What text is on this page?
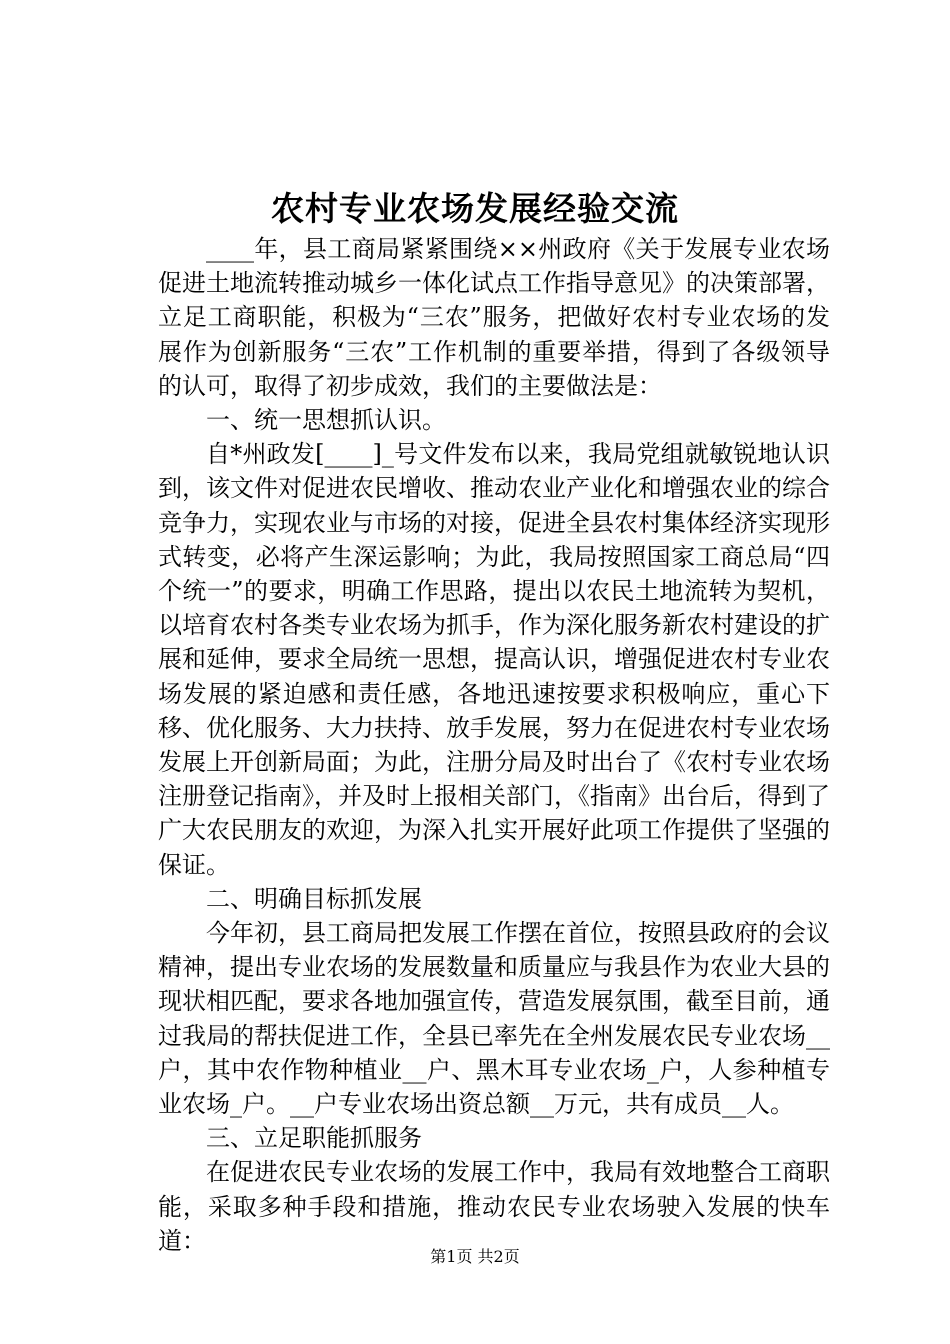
农村专业农场发展经验交流

____年，县工商局紧紧围绕××州政府《关于发展专业农场促进土地流转推动城乡一体化试点工作指导意见》的决策部署，立足工商职能，积极为“三农”服务，把做好农村专业农场的发展作为创新服务“三农”工作机制的重要举措，得到了各级领导的认可，取得了初步成效，我们的主要做法是：

一、统一思想抓认识。

自*州政发[____]_号文件发布以来，我局党组就敏锐地认识到，该文件对促进农民增收、推动农业产业化和增强农业的综合竞争力，实现农业与市场的对接，促进全县农村集体经济实现形式转变，必将产生深运影响；为此，我局按照国家工商总局“四个统一”的要求，明确工作思路，提出以农民土地流转为契机，以培育农村各类专业农场为抓手，作为深化服务新农村建设的扩展和延伸，要求全局统一思想，提高认识，增强促进农村专业农场发展的紧迫感和责任感，各地迅速按要求积极响应，重心下移、优化服务、大力扶持、放手发展，努力在促进农村专业农场发展上开创新局面；为此，注册分局及时出台了《农村专业农场注册登记指南》，并及时上报相关部门，《指南》出台后，得到了广大农民朋友的欢迎，为深入扎实开展好此项工作提供了坚强的保证。

二、明确目标抓发展

今年初，县工商局把发展工作摆在首位，按照县政府的会议精神，提出专业农场的发展数量和质量应与我县作为农业大县的现状相匹配，要求各地加强宣传，营造发展氛围，截至目前，通过我局的帮扶促进工作，全县已率先在全州发展农民专业农场__户，其中农作物种植业__户、黑木耳专业农场_户，人参种植专业农场_户。__户专业农场出资总额__万元，共有成员__人。

三、立足职能抓服务

在促进农民专业农场的发展工作中，我局有效地整合工商职能，采取多种手段和措施，推动农民专业农场驶入发展的快车道：

第1页 共2页
